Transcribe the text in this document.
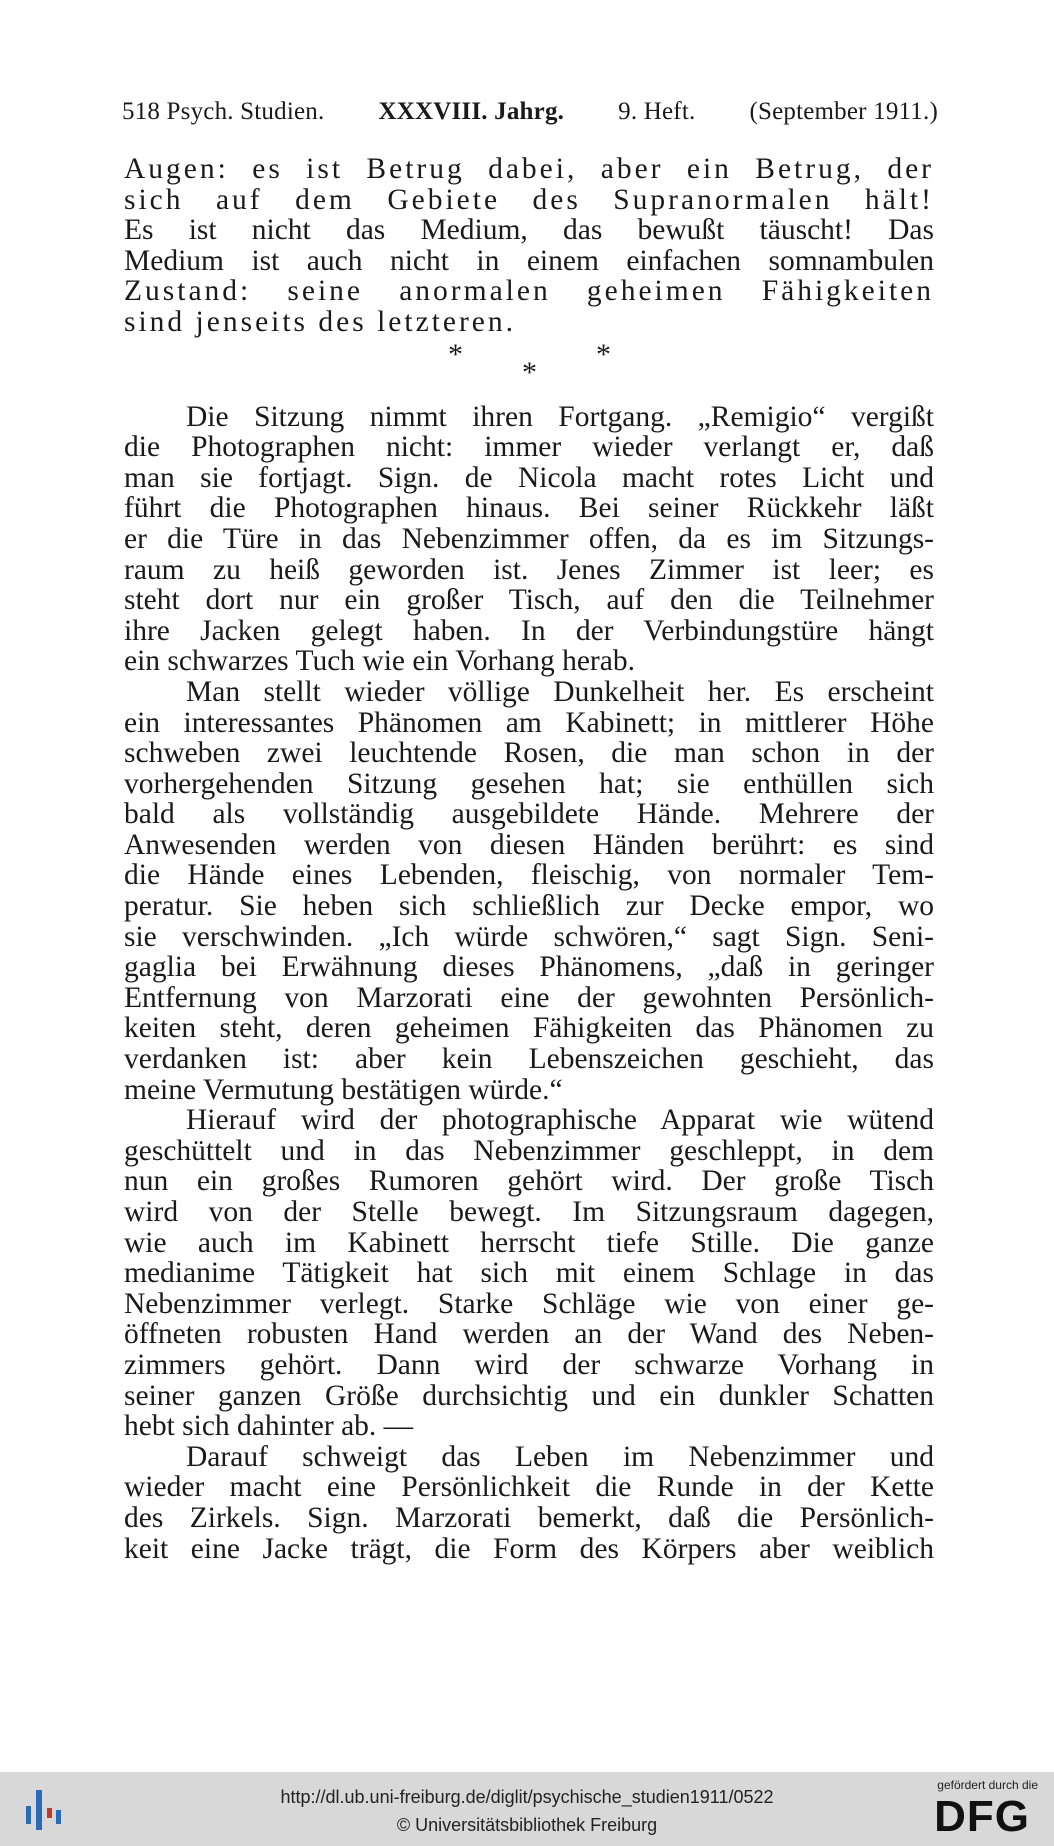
518 Psych. Studien. XXXVIII. Jahrg. 9. Heft. (September 1911.)
Augen: es ist Betrug dabei, aber ein Betrug, der
sich auf dem Gebiete des Supranormalen hält!
Es ist nicht das Medium, das bewußt täuscht! Das
Medium ist auch nicht in einem einfachen somnambulen
Zustand: seine anormalen geheimen Fähigkeiten
sind jenseits des letzteren.
*
*
*
Die Sitzung nimmt ihren Fortgang. „Remigio“ vergißt
die Photographen nicht: immer wieder verlangt er, daß
man sie fortjagt. Sign. de Nicola macht rotes Licht und
führt die Photographen hinaus. Bei seiner Rückkehr läßt
er die Türe in das Nebenzimmer offen, da es im Sitzungs-
raum zu heiß geworden ist. Jenes Zimmer ist leer; es
steht dort nur ein großer Tisch, auf den die Teilnehmer
ihre Jacken gelegt haben. In der Verbindungstüre hängt
ein schwarzes Tuch wie ein Vorhang herab.
Man stellt wieder völlige Dunkelheit her. Es erscheint
ein interessantes Phänomen am Kabinett; in mittlerer Höhe
schweben zwei leuchtende Rosen, die man schon in der
vorhergehenden Sitzung gesehen hat; sie enthüllen sich
bald als vollständig ausgebildete Hände. Mehrere der
Anwesenden werden von diesen Händen berührt: es sind
die Hände eines Lebenden, fleischig, von normaler Tem-
peratur. Sie heben sich schließlich zur Decke empor, wo
sie verschwinden. „Ich würde schwören,“ sagt Sign. Seni-
gaglia bei Erwähnung dieses Phänomens, „daß in geringer
Entfernung von Marzorati eine der gewohnten Persönlich-
keiten steht, deren geheimen Fähigkeiten das Phänomen zu
verdanken ist: aber kein Lebenszeichen geschieht, das
meine Vermutung bestätigen würde.“
Hierauf wird der photographische Apparat wie wütend
geschüttelt und in das Nebenzimmer geschleppt, in dem
nun ein großes Rumoren gehört wird. Der große Tisch
wird von der Stelle bewegt. Im Sitzungsraum dagegen,
wie auch im Kabinett herrscht tiefe Stille. Die ganze
medianime Tätigkeit hat sich mit einem Schlage in das
Nebenzimmer verlegt. Starke Schläge wie von einer ge-
öffneten robusten Hand werden an der Wand des Neben-
zimmers gehört. Dann wird der schwarze Vorhang in
seiner ganzen Größe durchsichtig und ein dunkler Schatten
hebt sich dahinter ab. —
Darauf schweigt das Leben im Nebenzimmer und
wieder macht eine Persönlichkeit die Runde in der Kette
des Zirkels. Sign. Marzorati bemerkt, daß die Persönlich-
keit eine Jacke trägt, die Form des Körpers aber weiblich
http://dl.ub.uni-freiburg.de/diglit/psychische_studien1911/0522
© Universitätsbibliothek Freiburg
gefördert durch die
DFG
